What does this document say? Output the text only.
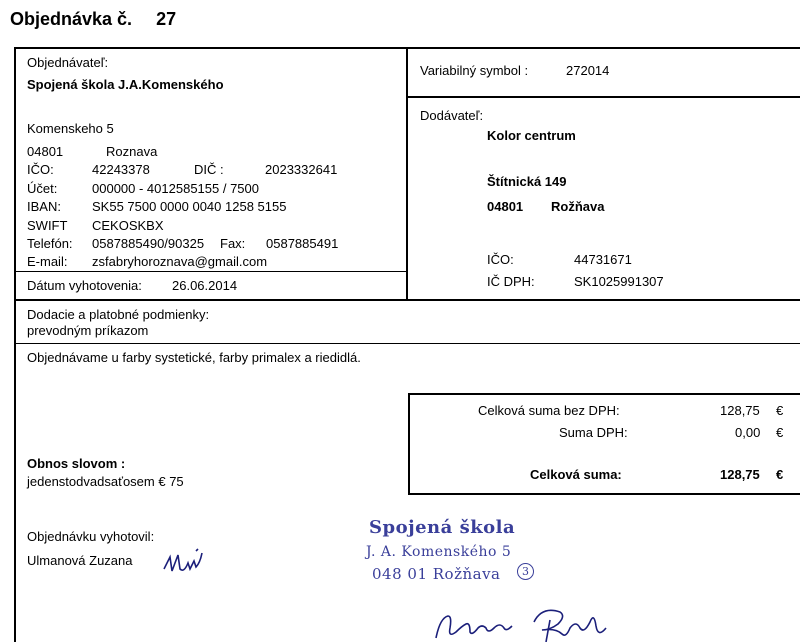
Objednávka č. 27
Objednávateľ:
Spojená škola J.A.Komenského
Komenskeho 5
04801	Roznava
IČO:	42243378	DIČ :	2023332641
Účet:	000000 - 4012585155 / 7500
IBAN: SK55 7500 0000 0040 1258 5155
SWIFT CEKOSKBX
Telefón: 0587885490/90325 Fax: 0587885491
E-mail: zsfabryhoroznava@gmail.com
Dátum vyhotovenia: 26.06.2014
Variabilný symbol :	272014
Dodávateľ:
Kolor centrum
Štítnická 149
04801 Rožňava
IČO:	44731671
IČ DPH:	SK1025991307
Dodacie a platobné podmienky:
prevodným príkazom
Objednávame u farby systetické, farby primalex a riedidlá.
Celková suma bez DPH:	128,75 €
Suma DPH:	0,00 €
Celková suma:	128,75 €
Obnos slovom :
jedenstodvadsaťosem € 75
Objednávku vyhotovil:
Ulmanová Zuzana
Spojená škola
J. A. Komenského 5
048 01 Rožňava	3
